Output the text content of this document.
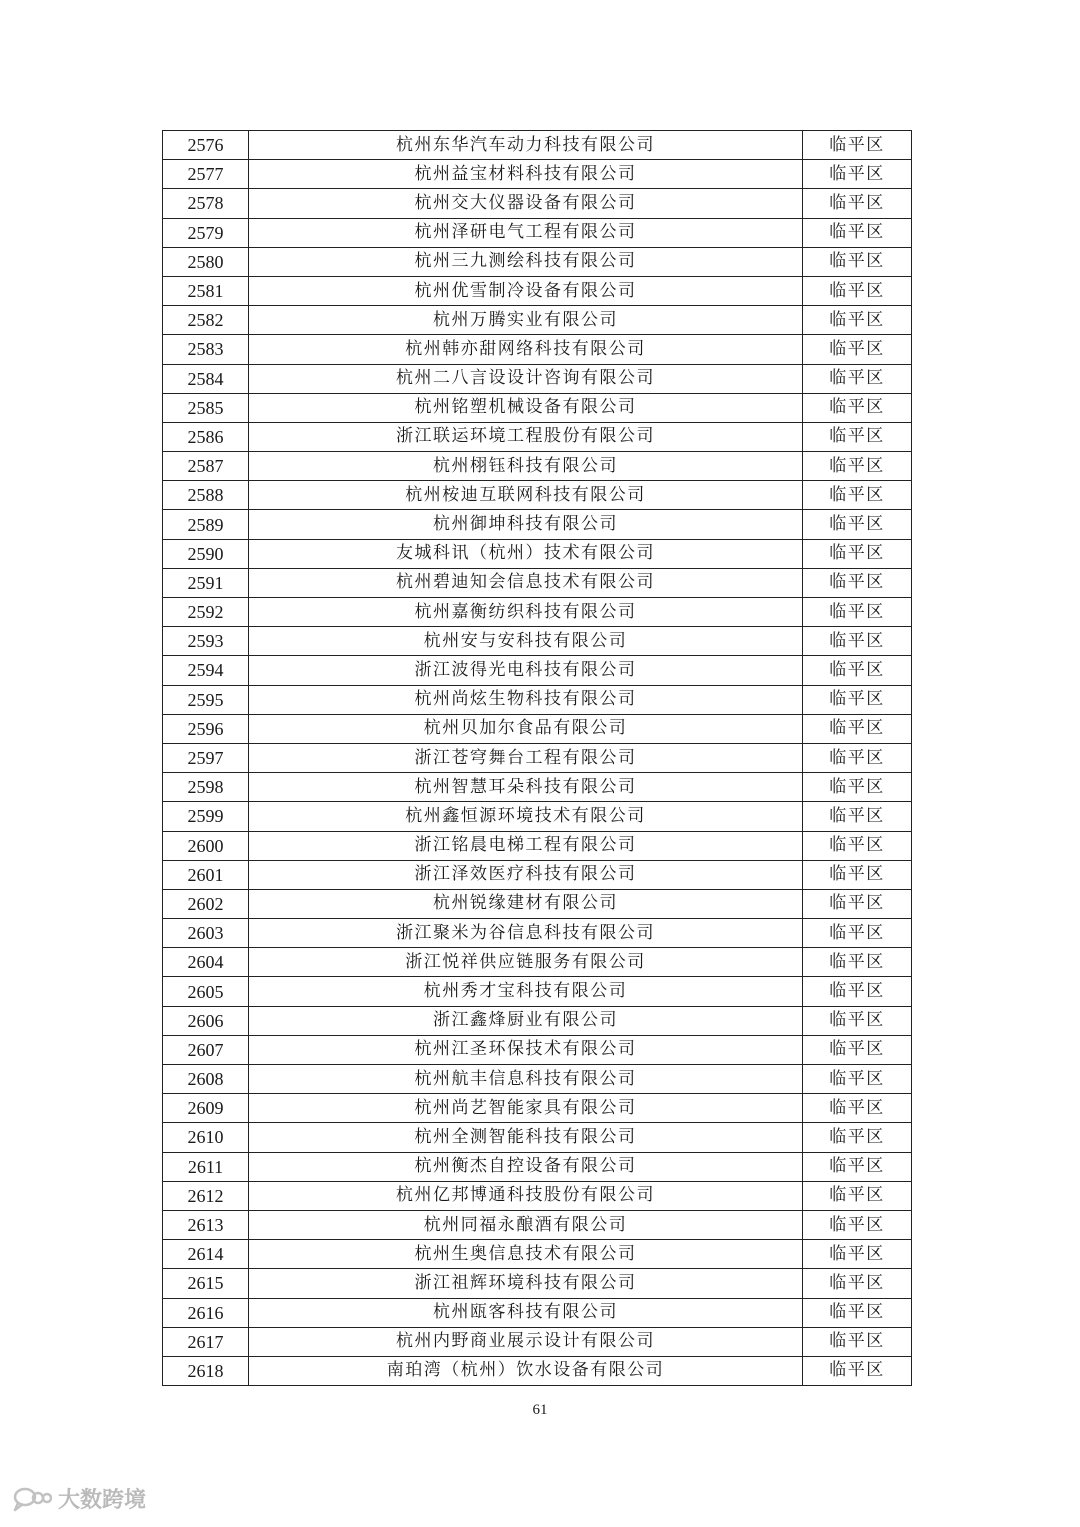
2576	杭州东华汽车动力科技有限公司	临平区
2577	杭州益宝材料科技有限公司	临平区
2578	杭州交大仪器设备有限公司	临平区
2579	杭州泽研电气工程有限公司	临平区
2580	杭州三九测绘科技有限公司	临平区
2581	杭州优雪制冷设备有限公司	临平区
2582	杭州万腾实业有限公司	临平区
2583	杭州韩亦甜网络科技有限公司	临平区
2584	杭州二八言设设计咨询有限公司	临平区
2585	杭州铭塑机械设备有限公司	临平区
2586	浙江联运环境工程股份有限公司	临平区
2587	杭州栩钰科技有限公司	临平区
2588	杭州桉迪互联网科技有限公司	临平区
2589	杭州御坤科技有限公司	临平区
2590	友城科讯（杭州）技术有限公司	临平区
2591	杭州碧迪知会信息技术有限公司	临平区
2592	杭州嘉衡纺织科技有限公司	临平区
2593	杭州安与安科技有限公司	临平区
2594	浙江波得光电科技有限公司	临平区
2595	杭州尚炫生物科技有限公司	临平区
2596	杭州贝加尔食品有限公司	临平区
2597	浙江苍穹舞台工程有限公司	临平区
2598	杭州智慧耳朵科技有限公司	临平区
2599	杭州鑫恒源环境技术有限公司	临平区
2600	浙江铭晨电梯工程有限公司	临平区
2601	浙江泽效医疗科技有限公司	临平区
2602	杭州锐缘建材有限公司	临平区
2603	浙江聚米为谷信息科技有限公司	临平区
2604	浙江悦祥供应链服务有限公司	临平区
2605	杭州秀才宝科技有限公司	临平区
2606	浙江鑫烽厨业有限公司	临平区
2607	杭州江圣环保技术有限公司	临平区
2608	杭州航丰信息科技有限公司	临平区
2609	杭州尚艺智能家具有限公司	临平区
2610	杭州全测智能科技有限公司	临平区
2611	杭州衡杰自控设备有限公司	临平区
2612	杭州亿邦博通科技股份有限公司	临平区
2613	杭州同福永酿酒有限公司	临平区
2614	杭州生奥信息技术有限公司	临平区
2615	浙江祖辉环境科技有限公司	临平区
2616	杭州瓯客科技有限公司	临平区
2617	杭州内野商业展示设计有限公司	临平区
2618	南珀湾（杭州）饮水设备有限公司	临平区
61
大数跨境
